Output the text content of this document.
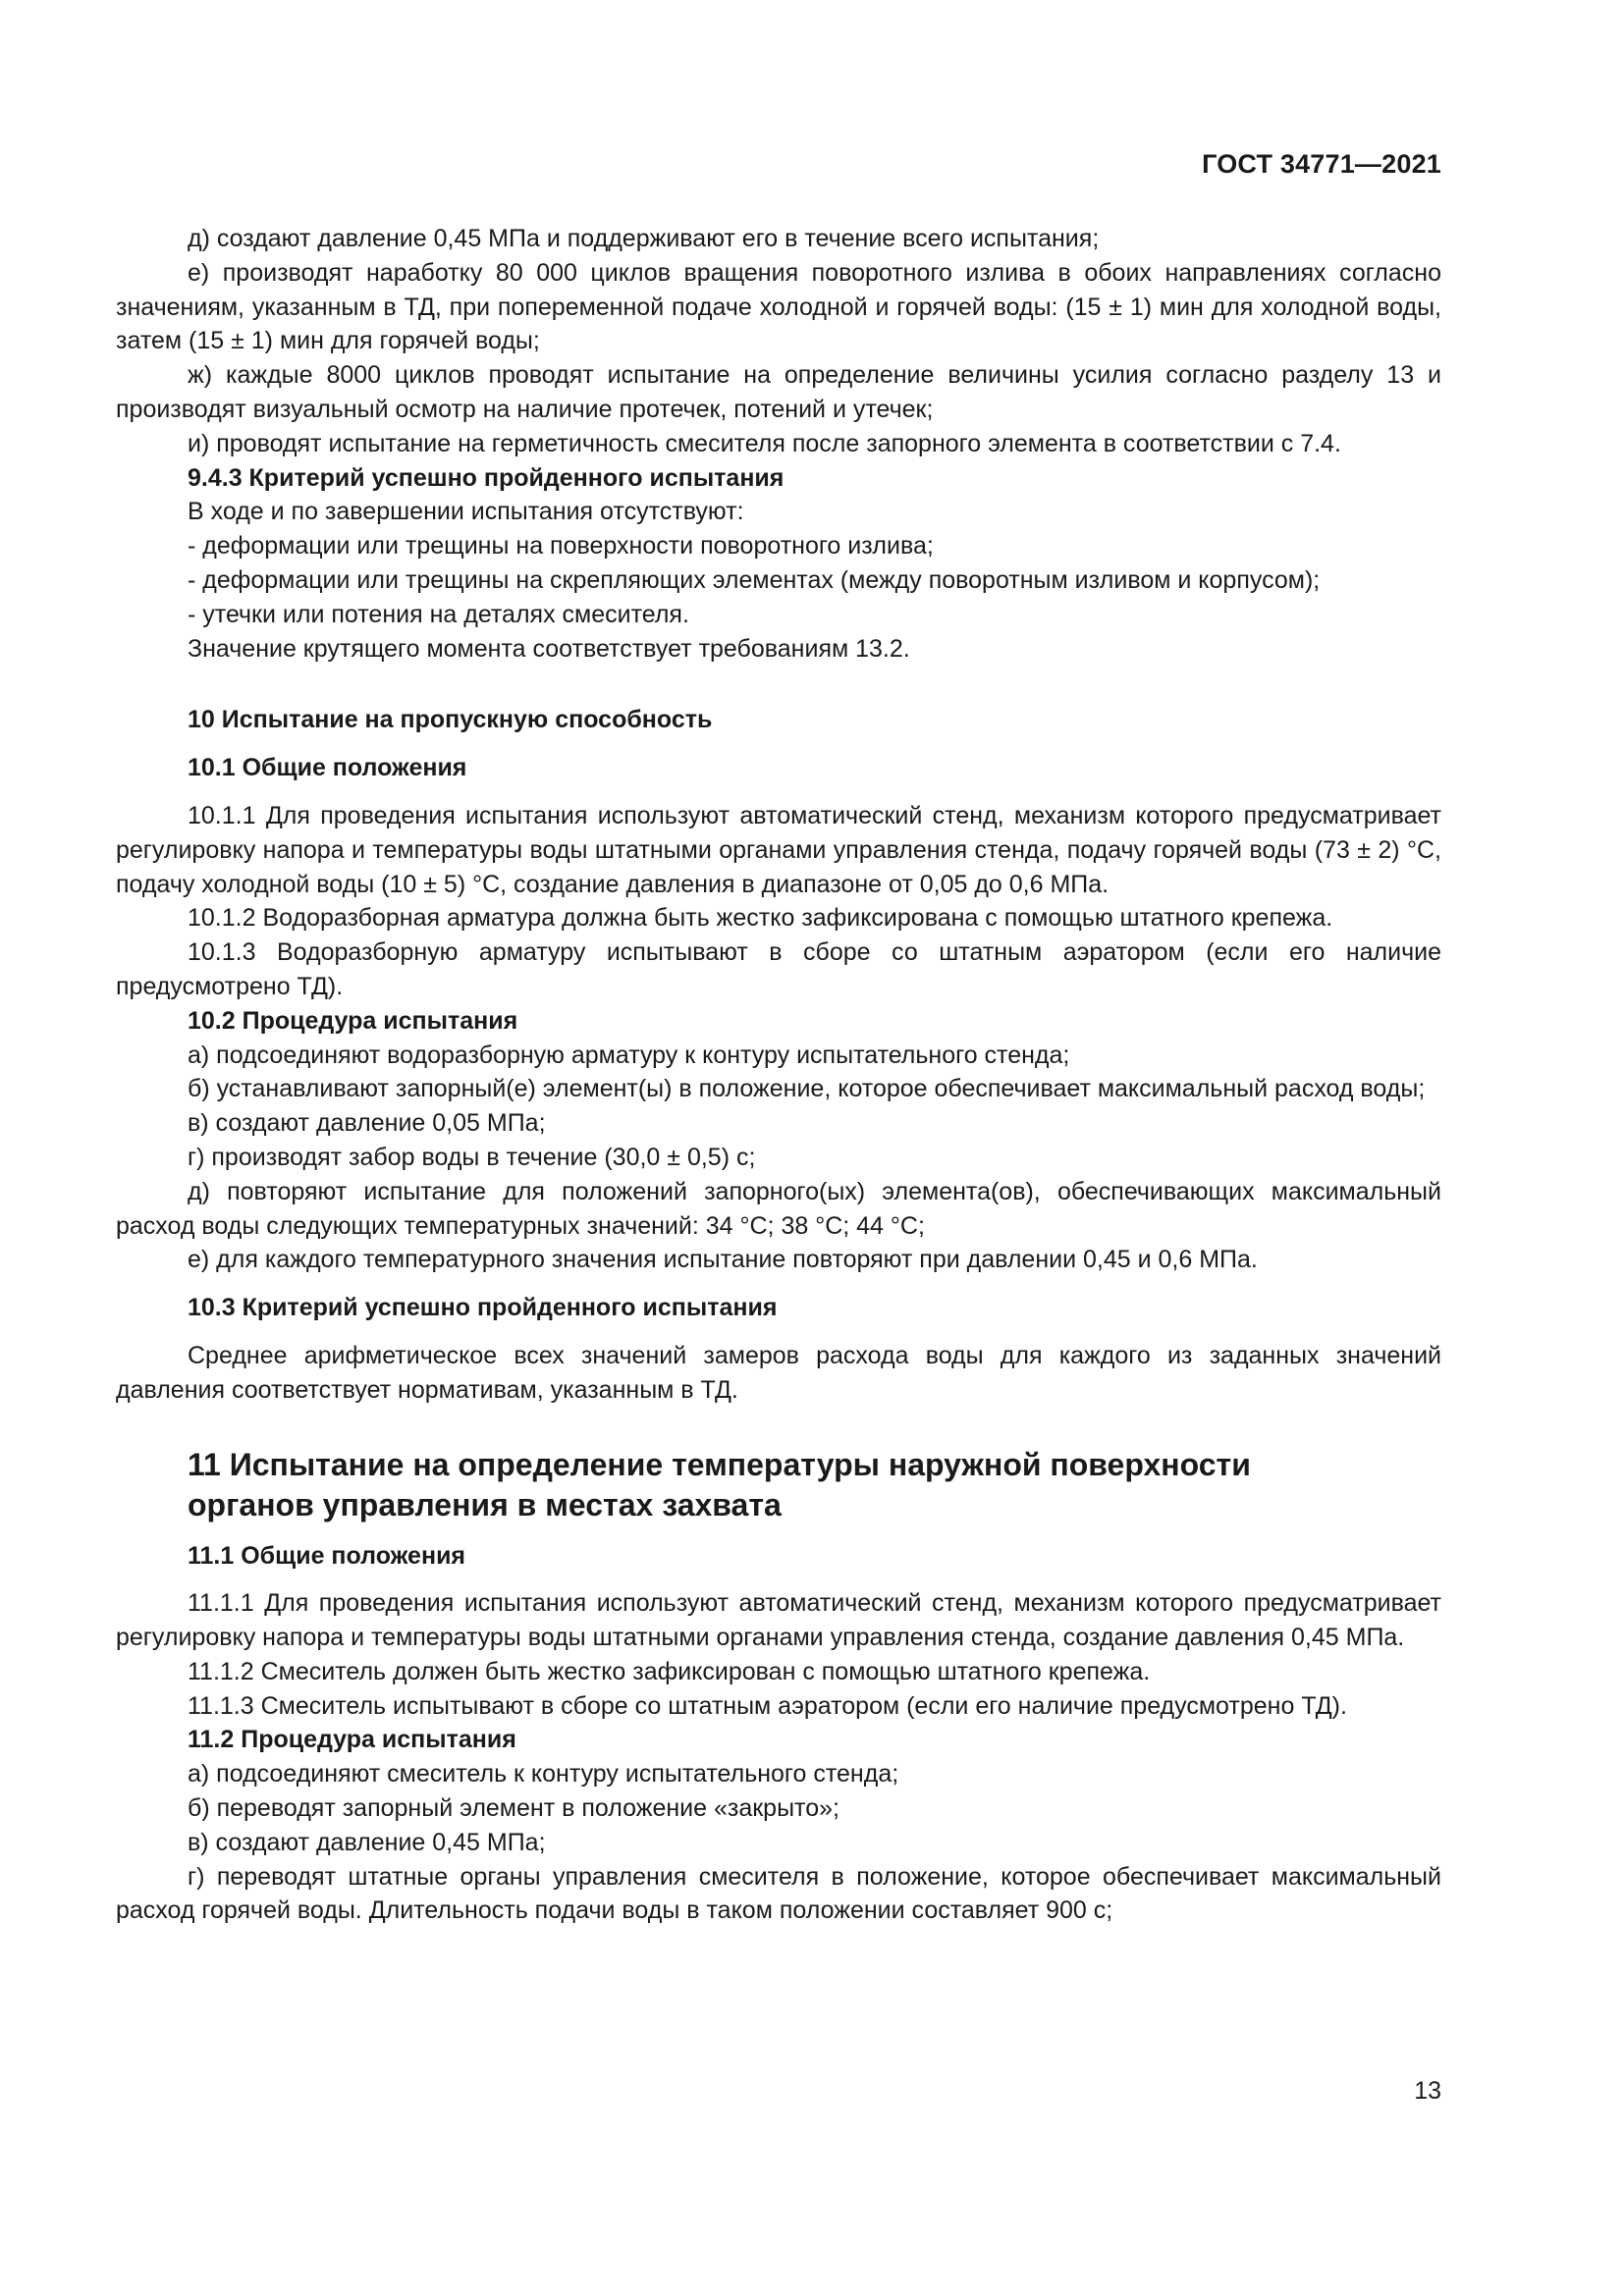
ГОСТ 34771—2021

д) создают давление 0,45 МПа и поддерживают его в течение всего испытания;

е) производят наработку 80 000 циклов вращения поворотного излива в обоих направлениях согласно значениям, указанным в ТД, при попеременной подаче холодной и горячей воды: (15 ± 1) мин для холодной воды, затем (15 ± 1) мин для горячей воды;

ж) каждые 8000 циклов проводят испытание на определение величины усилия согласно разделу 13 и производят визуальный осмотр на наличие протечек, потений и утечек;

и) проводят испытание на герметичность смесителя после запорного элемента в соответствии с 7.4.

9.4.3 Критерий успешно пройденного испытания

В ходе и по завершении испытания отсутствуют:

- деформации или трещины на поверхности поворотного излива;

- деформации или трещины на скрепляющих элементах (между поворотным изливом и корпусом);

- утечки или потения на деталях смесителя.

Значение крутящего момента соответствует требованиям 13.2.

10 Испытание на пропускную способность

10.1 Общие положения

10.1.1 Для проведения испытания используют автоматический стенд, механизм которого предусматривает регулировку напора и температуры воды штатными органами управления стенда, подачу горячей воды (73 ± 2) °С, подачу холодной воды (10 ± 5) °С, создание давления в диапазоне от 0,05 до 0,6 МПа.

10.1.2 Водоразборная арматура должна быть жестко зафиксирована с помощью штатного крепежа.

10.1.3 Водоразборную арматуру испытывают в сборе со штатным аэратором (если его наличие предусмотрено ТД).

10.2 Процедура испытания

а) подсоединяют водоразборную арматуру к контуру испытательного стенда;

б) устанавливают запорный(е) элемент(ы) в положение, которое обеспечивает максимальный расход воды;

в) создают давление 0,05 МПа;

г) производят забор воды в течение (30,0 ± 0,5) с;

д) повторяют испытание для положений запорного(ых) элемента(ов), обеспечивающих максимальный расход воды следующих температурных значений: 34 °С; 38 °С; 44 °С;

е) для каждого температурного значения испытание повторяют при давлении 0,45 и 0,6 МПа.

10.3 Критерий успешно пройденного испытания

Среднее арифметическое всех значений замеров расхода воды для каждого из заданных значений давления соответствует нормативам, указанным в ТД.

11 Испытание на определение температуры наружной поверхности
органов управления в местах захвата

11.1 Общие положения

11.1.1 Для проведения испытания используют автоматический стенд, механизм которого предусматривает регулировку напора и температуры воды штатными органами управления стенда, создание давления 0,45 МПа.

11.1.2 Смеситель должен быть жестко зафиксирован с помощью штатного крепежа.

11.1.3 Смеситель испытывают в сборе со штатным аэратором (если его наличие предусмотрено ТД).

11.2 Процедура испытания

а) подсоединяют смеситель к контуру испытательного стенда;

б) переводят запорный элемент в положение «закрыто»;

в) создают давление 0,45 МПа;

г) переводят штатные органы управления смесителя в положение, которое обеспечивает максимальный расход горячей воды. Длительность подачи воды в таком положении составляет 900 с;

13
